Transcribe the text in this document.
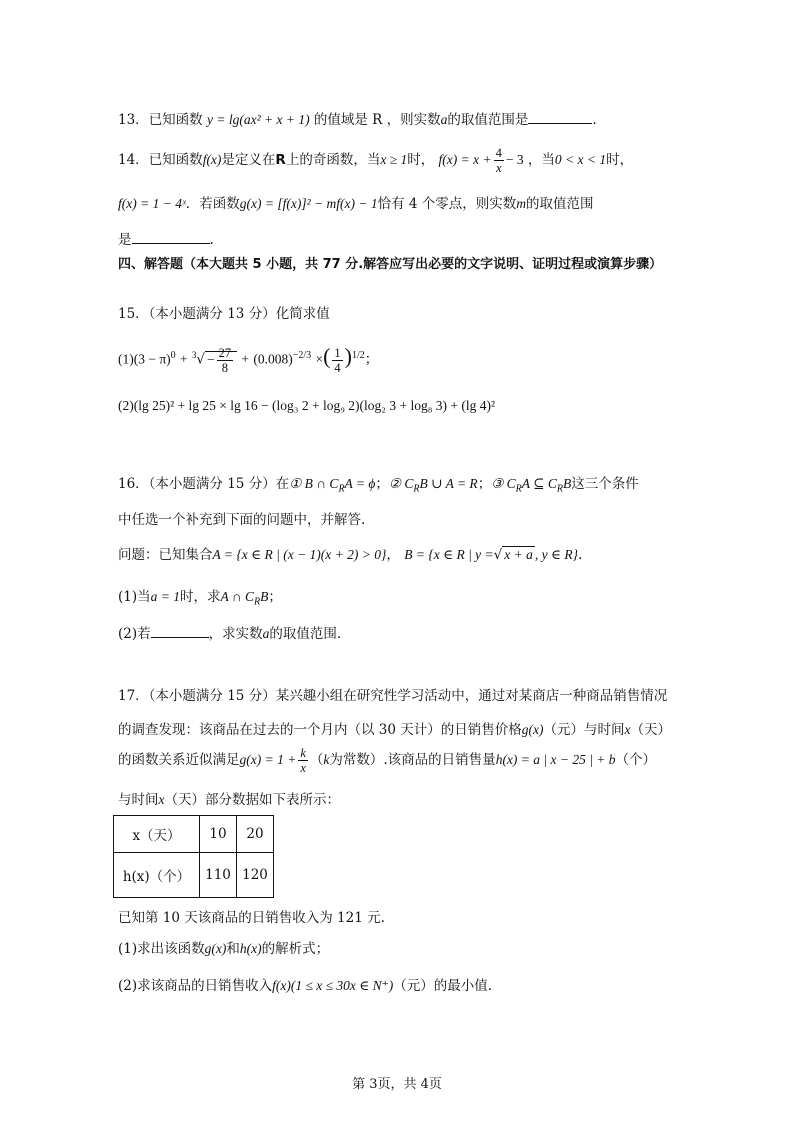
13．已知函数 y = lg(ax² + x + 1) 的值域是 R ，则实数a的取值范围是	.
14．已知函数f(x)是定义在R上的奇函数，当x ≥ 1时， $f(x) = x + \frac{4}{x} - 3$ ，当0 < x < 1时，
f(x) = 1 − 4ˣ．若函数g(x) = [f(x)]² − mf(x) − 1恰有 4 个零点，则实数m的取值范围
是	.
四、解答题（本大题共 5 小题，共 77 分.解答应写出必要的文字说明、证明过程或演算步骤）
15．（本小题满分 13 分）化简求值
$(1)(3 - \pi)^0 + ^3√ - \frac{27}{8} + (0.008)^{-2/3}$ ×( $\frac{1}{4} )^{1/2}$；
(2)(lg 25)² + lg 25 × lg 16 − (log₃ 2 + log₉ 2)(log₂ 3 + log₈ 3) + (lg 4)²
16．（本小题满分 15 分）在① B ∩ $C_RA = \phi$；② $C_RB$ ∪ A = R；③ $C_RA$ ⊆ $C_RB$这三个条件
中任选一个补充到下面的问题中，并解答.
问题：已知集合A = {x ∈ R | (x − 1)(x + 2) > 0}， B = {x ∈ R | y =√ x + a , y ∈ R}.
(1)当a = 1时，求A ∩ $C_RB$；
(2)若	，求实数a的取值范围.
17．（本小题满分 15 分）某兴趣小组在研究性学习活动中，通过对某商店一种商品销售情况
的调查发现：该商品在过去的一个月内（以 30 天计）的日销售价格g(x)（元）与时间x（天）
的函数关系近似满足$g(x) = 1 + \frac{k}{x} (k$为常数）.该商品的日销售量h(x) = a | x − 25 | + b（个）
与时间x（天）部分数据如下表所示：
x（天）	10	20
h(x)（个）	110	120
已知第 10 天该商品的日销售收入为 121 元.
(1)求出该函数g(x)和h(x)的解析式；
(2)求该商品的日销售收入f(x)(1 ≤ x ≤ 30x ∈ N⁺)（元）的最小值.
第 3页，共 4页
